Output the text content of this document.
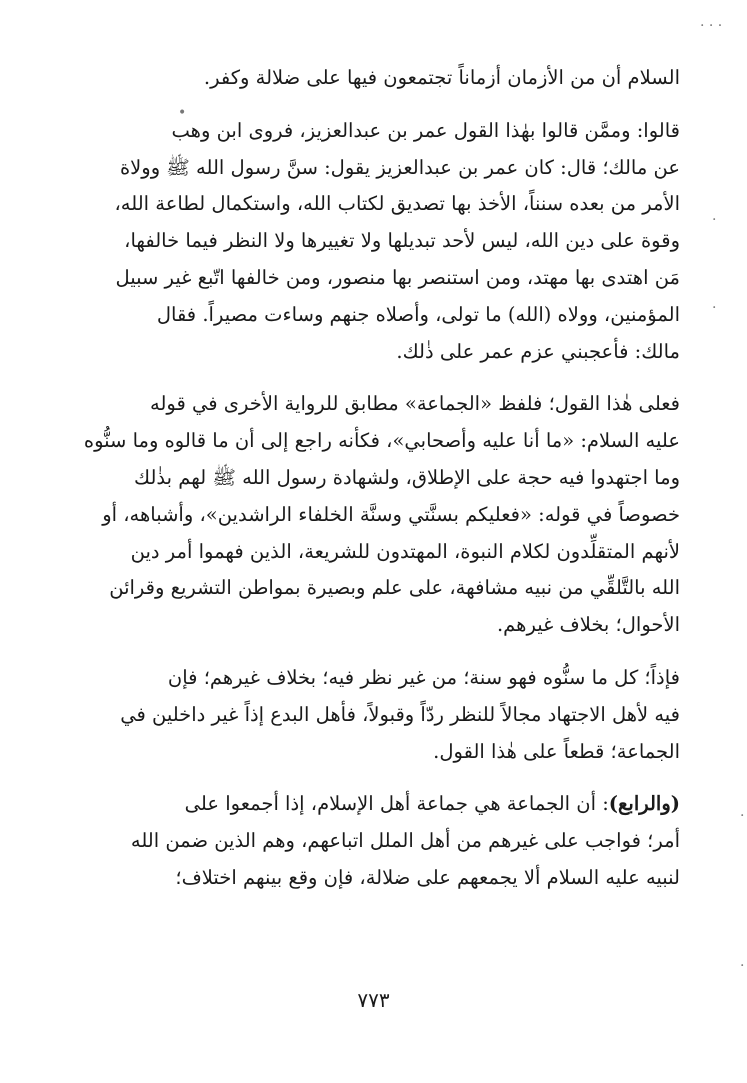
السلام أن من الأزمان أزماناً تجتمعون فيها على ضلالة وكفر.
قالوا: وممَّن قالوا بهٰذا القول عمر بن عبدالعزيز، فروى ابن وهب
عن مالك؛ قال: كان عمر بن عبدالعزيز يقول: سنَّ رسول الله ﷺ وولاة
الأمر من بعده سنناً، الأخذ بها تصديق لكتاب الله، واستكمال لطاعة الله،
وقوة على دين الله، ليس لأحد تبديلها ولا تغييرها ولا النظر فيما خالفها،
مَن اهتدى بها مهتد، ومن استنصر بها منصور، ومن خالفها اتّبع غير سبيل
المؤمنين، وولاه (الله) ما تولى، وأصلاه جنهم وساءت مصيراً. فقال
مالك: فأعجبني عزم عمر على ذٰلك.
فعلى هٰذا القول؛ فلفظ «الجماعة» مطابق للرواية الأخرى في قوله
عليه السلام: «ما أنا عليه وأصحابي»، فكأنه راجع إلى أن ما قالوه وما سنُّوه
وما اجتهدوا فيه حجة على الإطلاق، ولشهادة رسول الله ﷺ لهم بذٰلك
خصوصاً في قوله: «فعليكم بسنَّتي وسنَّة الخلفاء الراشدين»، وأشباهه، أو
لأنهم المتقلِّدون لكلام النبوة، المهتدون للشريعة، الذين فهموا أمر دين
الله بالتَّلقِّي من نبيه مشافهة، على علم وبصيرة بمواطن التشريع وقرائن
الأحوال؛ بخلاف غيرهم.
فإذاً؛ كل ما سنُّوه فهو سنة؛ من غير نظر فيه؛ بخلاف غيرهم؛ فإن
فيه لأهل الاجتهاد مجالاً للنظر ردّاً وقبولاً، فأهل البدع إذاً غير داخلين في
الجماعة؛ قطعاً على هٰذا القول.
(والرابع): أن الجماعة هي جماعة أهل الإسلام، إذا أجمعوا على
أمر؛ فواجب على غيرهم من أهل الملل اتباعهم، وهم الذين ضمن الله
لنبيه عليه السلام ألا يجمعهم على ضلالة، فإن وقع بينهم اختلاف؛
٧٧٣
. . .
•
·
·
·
·
